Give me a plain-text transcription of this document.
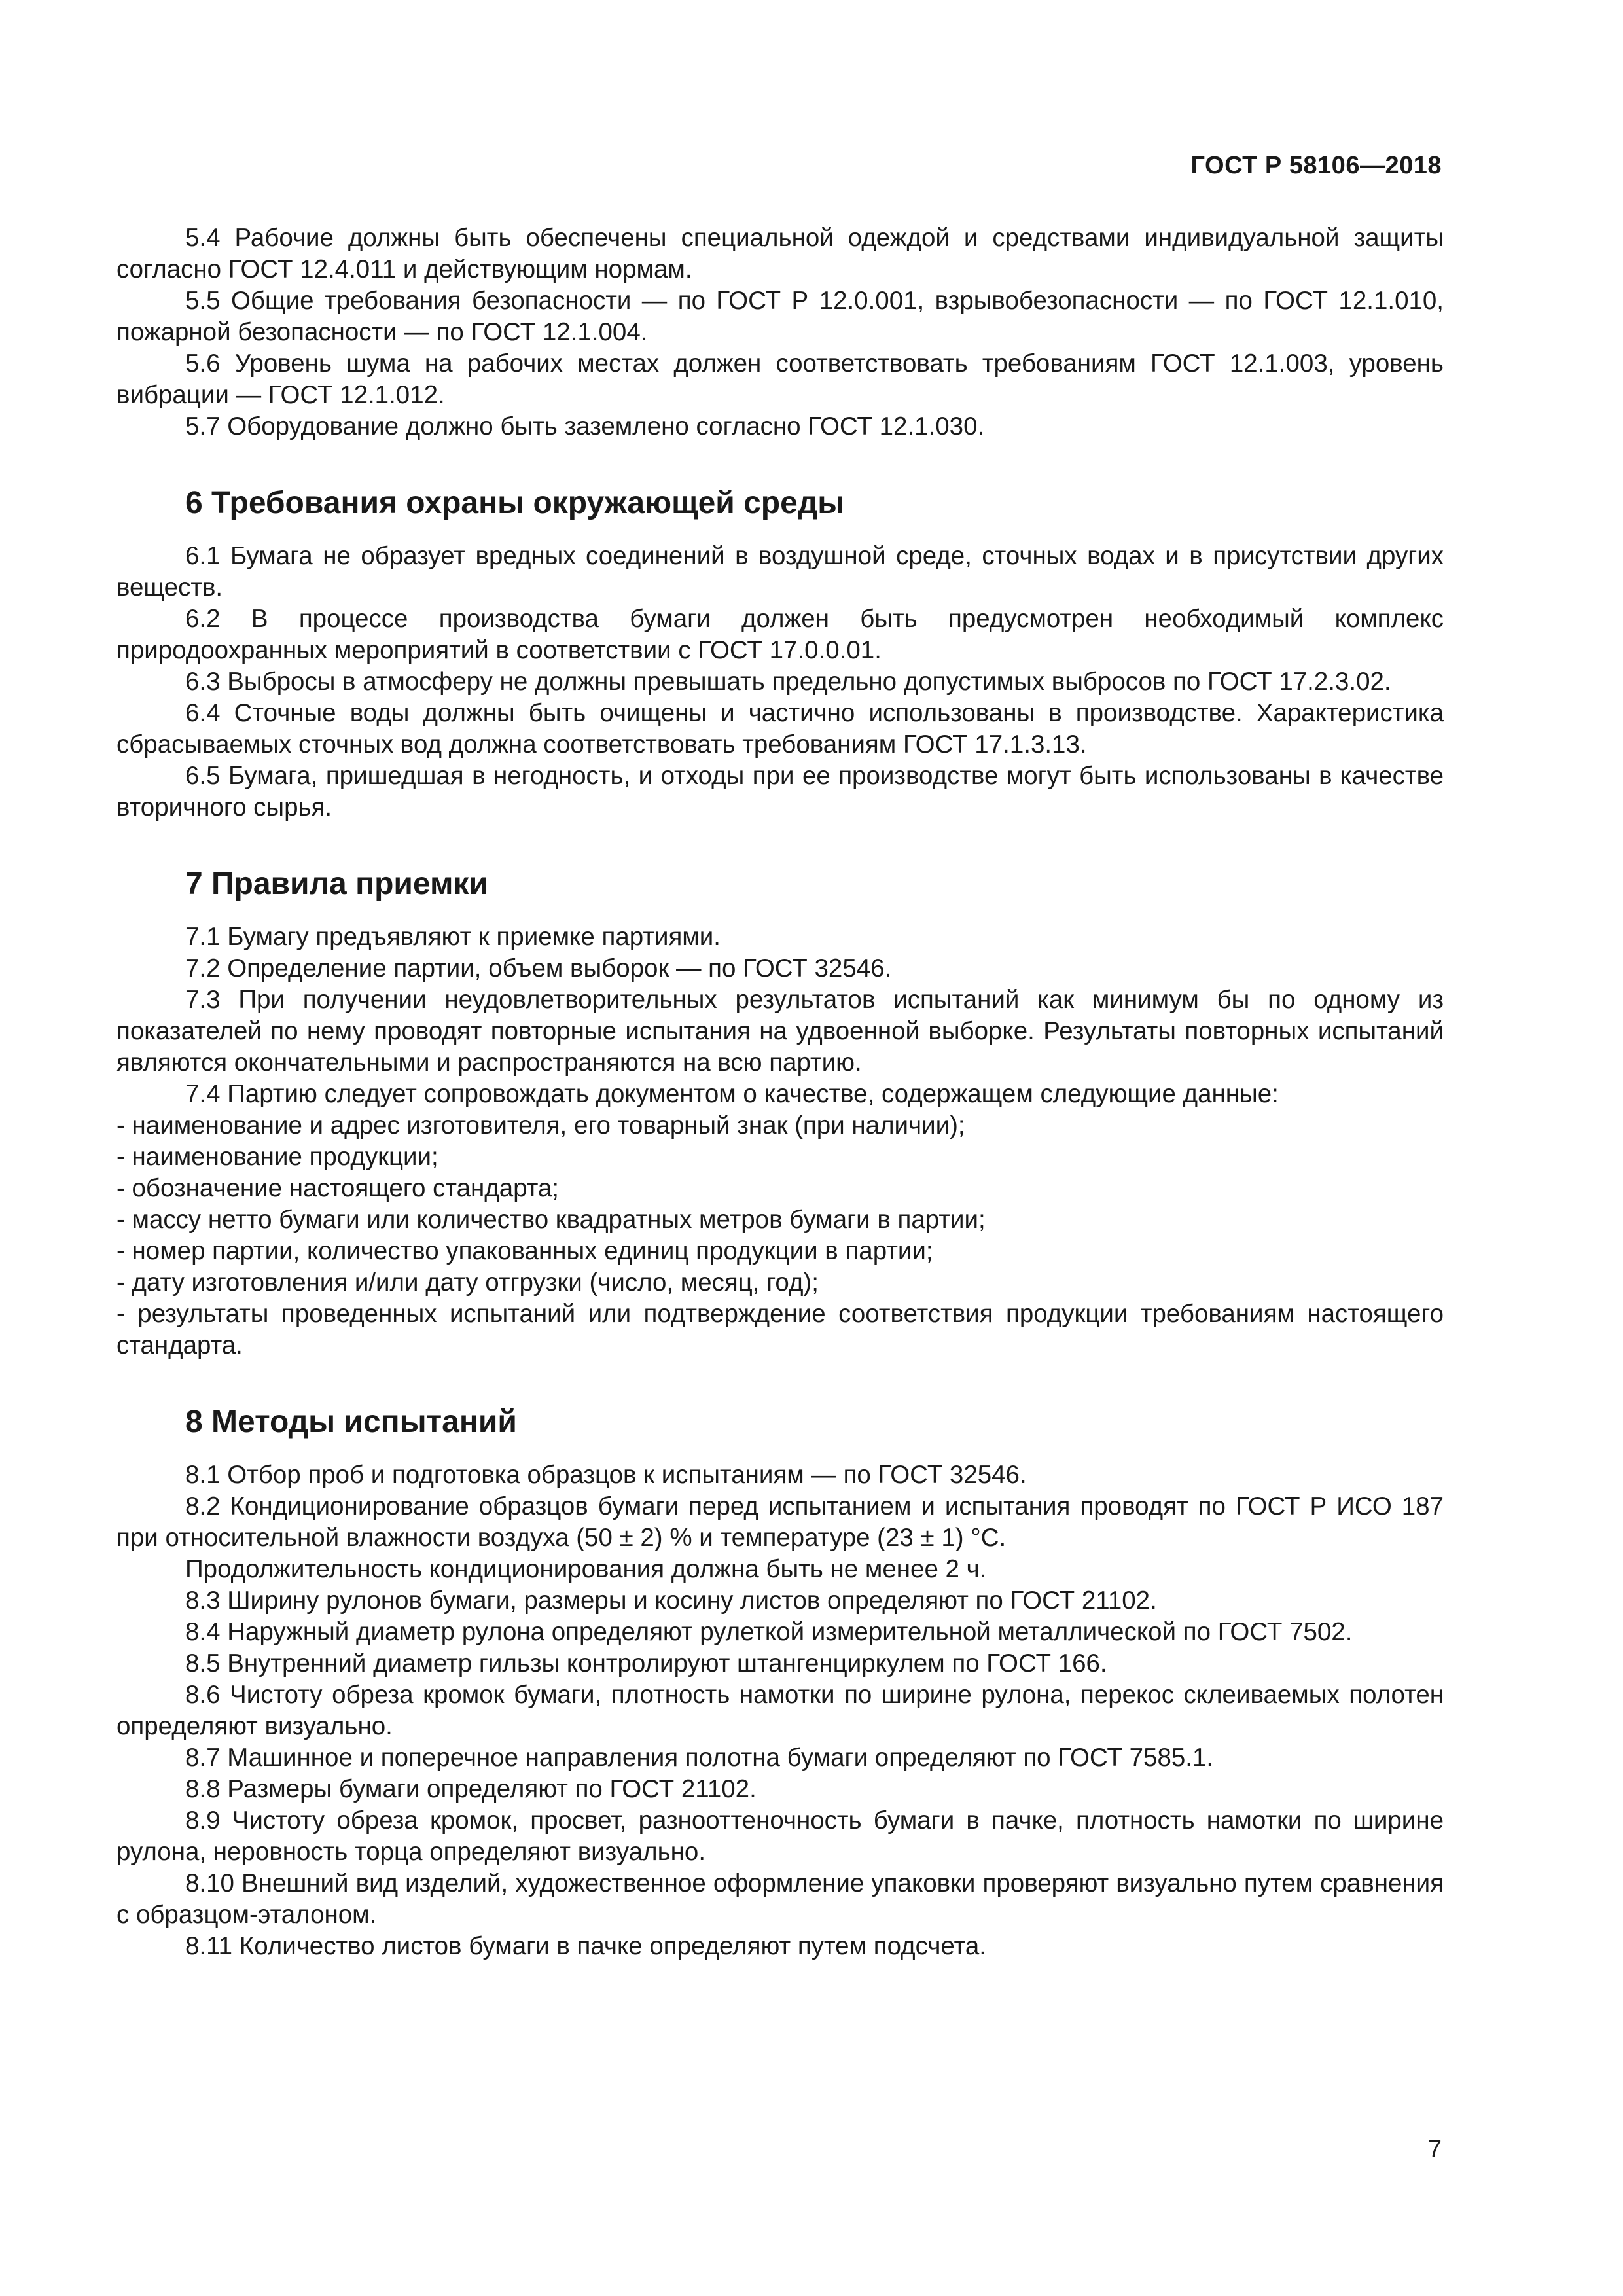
ГОСТ Р 58106—2018

5.4 Рабочие должны быть обеспечены специальной одеждой и средствами индивидуальной защиты согласно ГОСТ 12.4.011 и действующим нормам.

5.5 Общие требования безопасности — по ГОСТ Р 12.0.001, взрывобезопасности — по ГОСТ 12.1.010, пожарной безопасности — по ГОСТ 12.1.004.

5.6 Уровень шума на рабочих местах должен соответствовать требованиям ГОСТ 12.1.003, уровень вибрации — ГОСТ 12.1.012.

5.7 Оборудование должно быть заземлено согласно ГОСТ 12.1.030.

6 Требования охраны окружающей среды

6.1 Бумага не образует вредных соединений в воздушной среде, сточных водах и в присутствии других веществ.

6.2 В процессе производства бумаги должен быть предусмотрен необходимый комплекс природоохранных мероприятий в соответствии с ГОСТ 17.0.0.01.

6.3 Выбросы в атмосферу не должны превышать предельно допустимых выбросов по ГОСТ 17.2.3.02.

6.4 Сточные воды должны быть очищены и частично использованы в производстве. Характеристика сбрасываемых сточных вод должна соответствовать требованиям ГОСТ 17.1.3.13.

6.5 Бумага, пришедшая в негодность, и отходы при ее производстве могут быть использованы в качестве вторичного сырья.

7 Правила приемки

7.1 Бумагу предъявляют к приемке партиями.

7.2 Определение партии, объем выборок — по ГОСТ 32546.

7.3 При получении неудовлетворительных результатов испытаний как минимум бы по одному из показателей по нему проводят повторные испытания на удвоенной выборке. Результаты повторных испытаний являются окончательными и распространяются на всю партию.

7.4 Партию следует сопровождать документом о качестве, содержащем следующие данные:

- наименование и адрес изготовителя, его товарный знак (при наличии);

- наименование продукции;

- обозначение настоящего стандарта;

- массу нетто бумаги или количество квадратных метров бумаги в партии;

- номер партии, количество упакованных единиц продукции в партии;

- дату изготовления и/или дату отгрузки (число, месяц, год);

- результаты проведенных испытаний или подтверждение соответствия продукции требованиям настоящего стандарта.

8 Методы испытаний

8.1 Отбор проб и подготовка образцов к испытаниям — по ГОСТ 32546.

8.2 Кондиционирование образцов бумаги перед испытанием и испытания проводят по ГОСТ Р ИСО 187 при относительной влажности воздуха (50 ± 2) % и температуре (23 ± 1) °С.

Продолжительность кондиционирования должна быть не менее 2 ч.

8.3 Ширину рулонов бумаги, размеры и косину листов определяют по ГОСТ 21102.

8.4 Наружный диаметр рулона определяют рулеткой измерительной металлической по ГОСТ 7502.

8.5 Внутренний диаметр гильзы контролируют штангенциркулем по ГОСТ 166.

8.6 Чистоту обреза кромок бумаги, плотность намотки по ширине рулона, перекос склеиваемых полотен определяют визуально.

8.7 Машинное и поперечное направления полотна бумаги определяют по ГОСТ 7585.1.

8.8 Размеры бумаги определяют по ГОСТ 21102.

8.9 Чистоту обреза кромок, просвет, разнооттеночность бумаги в пачке, плотность намотки по ширине рулона, неровность торца определяют визуально.

8.10 Внешний вид изделий, художественное оформление упаковки проверяют визуально путем сравнения с образцом-эталоном.

8.11 Количество листов бумаги в пачке определяют путем подсчета.

7
